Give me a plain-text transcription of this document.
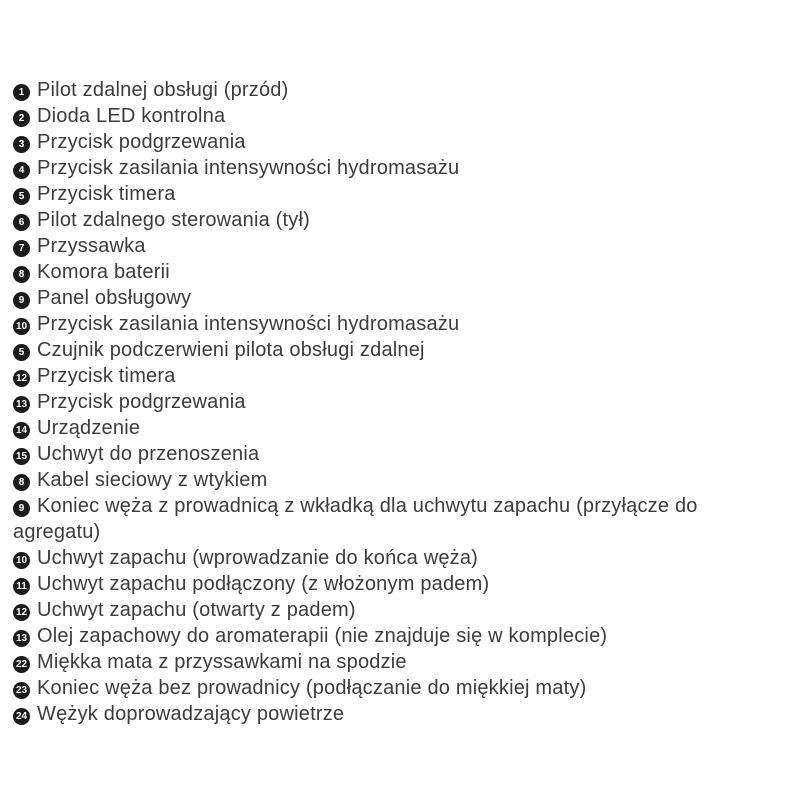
1 Pilot zdalnej obsługi (przód)
2 Dioda LED kontrolna
3 Przycisk podgrzewania
4 Przycisk zasilania intensywności hydromasażu
5 Przycisk timera
6 Pilot zdalnego sterowania (tył)
7 Przyssawka
8 Komora baterii
9 Panel obsługowy
10 Przycisk zasilania intensywności hydromasażu
5 Czujnik podczerwieni pilota obsługi zdalnej
12 Przycisk timera
13 Przycisk podgrzewania
14 Urządzenie
15 Uchwyt do przenoszenia
8 Kabel sieciowy z wtykiem
9 Koniec węża z prowadnicą z wkładką dla uchwytu zapachu (przyłącze do agregatu)
10 Uchwyt zapachu (wprowadzanie do końca węża)
11 Uchwyt zapachu podłączony (z włożonym padem)
12 Uchwyt zapachu (otwarty z padem)
13 Olej zapachowy do aromaterapii (nie znajduje się w komplecie)
22 Miękka mata z przyssawkami na spodzie
23 Koniec węża bez prowadnicy (podłączanie do miękkiej maty)
24 Wężyk doprowadzający powietrze
